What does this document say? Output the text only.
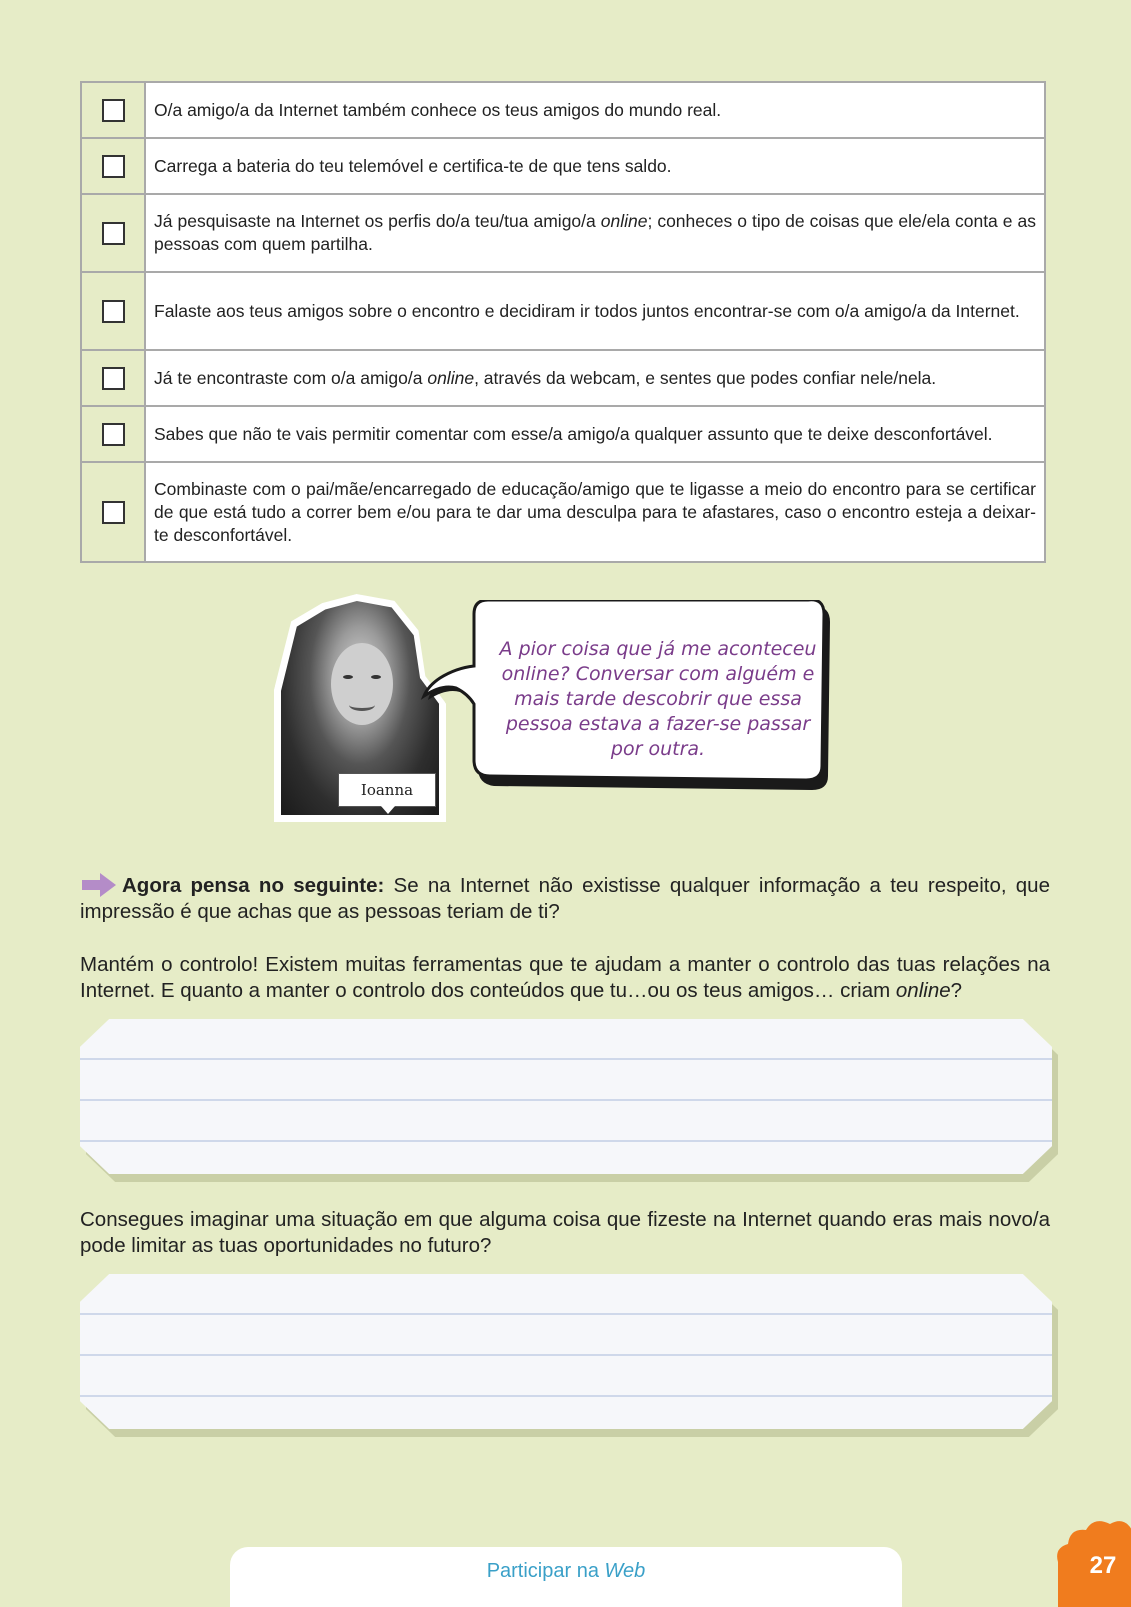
	O/a amigo/a da Internet também conhece os teus amigos do mundo real.
	Carrega a bateria do teu telemóvel e certifica-te de que tens saldo.
	Já pesquisaste na Internet os perfis do/a teu/tua amigo/a online; conheces o tipo de coisas que ele/ela conta e as pessoas com quem partilha.
	Falaste aos teus amigos sobre o encontro e decidiram ir todos juntos encontrar-se com o/a amigo/a da Internet.
	Já te encontraste com o/a amigo/a online, através da webcam, e sentes que podes confiar nele/nela.
	Sabes que não te vais permitir comentar com esse/a amigo/a qualquer assunto que te deixe desconfortável.
	Combinaste com o pai/mãe/encarregado de educação/amigo que te ligasse a meio do encontro para se certificar de que está tudo a correr bem e/ou para te dar uma desculpa para te afastares, caso o encontro esteja a deixar-te desconfortável.
Ioanna
A pior coisa que já me aconteceu
online? Conversar com alguém e
mais tarde descobrir que essa
pessoa estava a fazer-se passar
por outra.
Agora pensa no seguinte: Se na Internet não existisse qualquer informação a teu respeito, que impressão é que achas que as pessoas teriam de ti?
Mantém o controlo! Existem muitas ferramentas que te ajudam a manter o controlo das tuas relações na Internet. E quanto a manter o controlo dos conteúdos que tu…ou os teus amigos… criam online?
Consegues imaginar uma situação em que alguma coisa que fizeste na Internet quando eras mais novo/a pode limitar as tuas oportunidades no futuro?
Participar na Web	27
